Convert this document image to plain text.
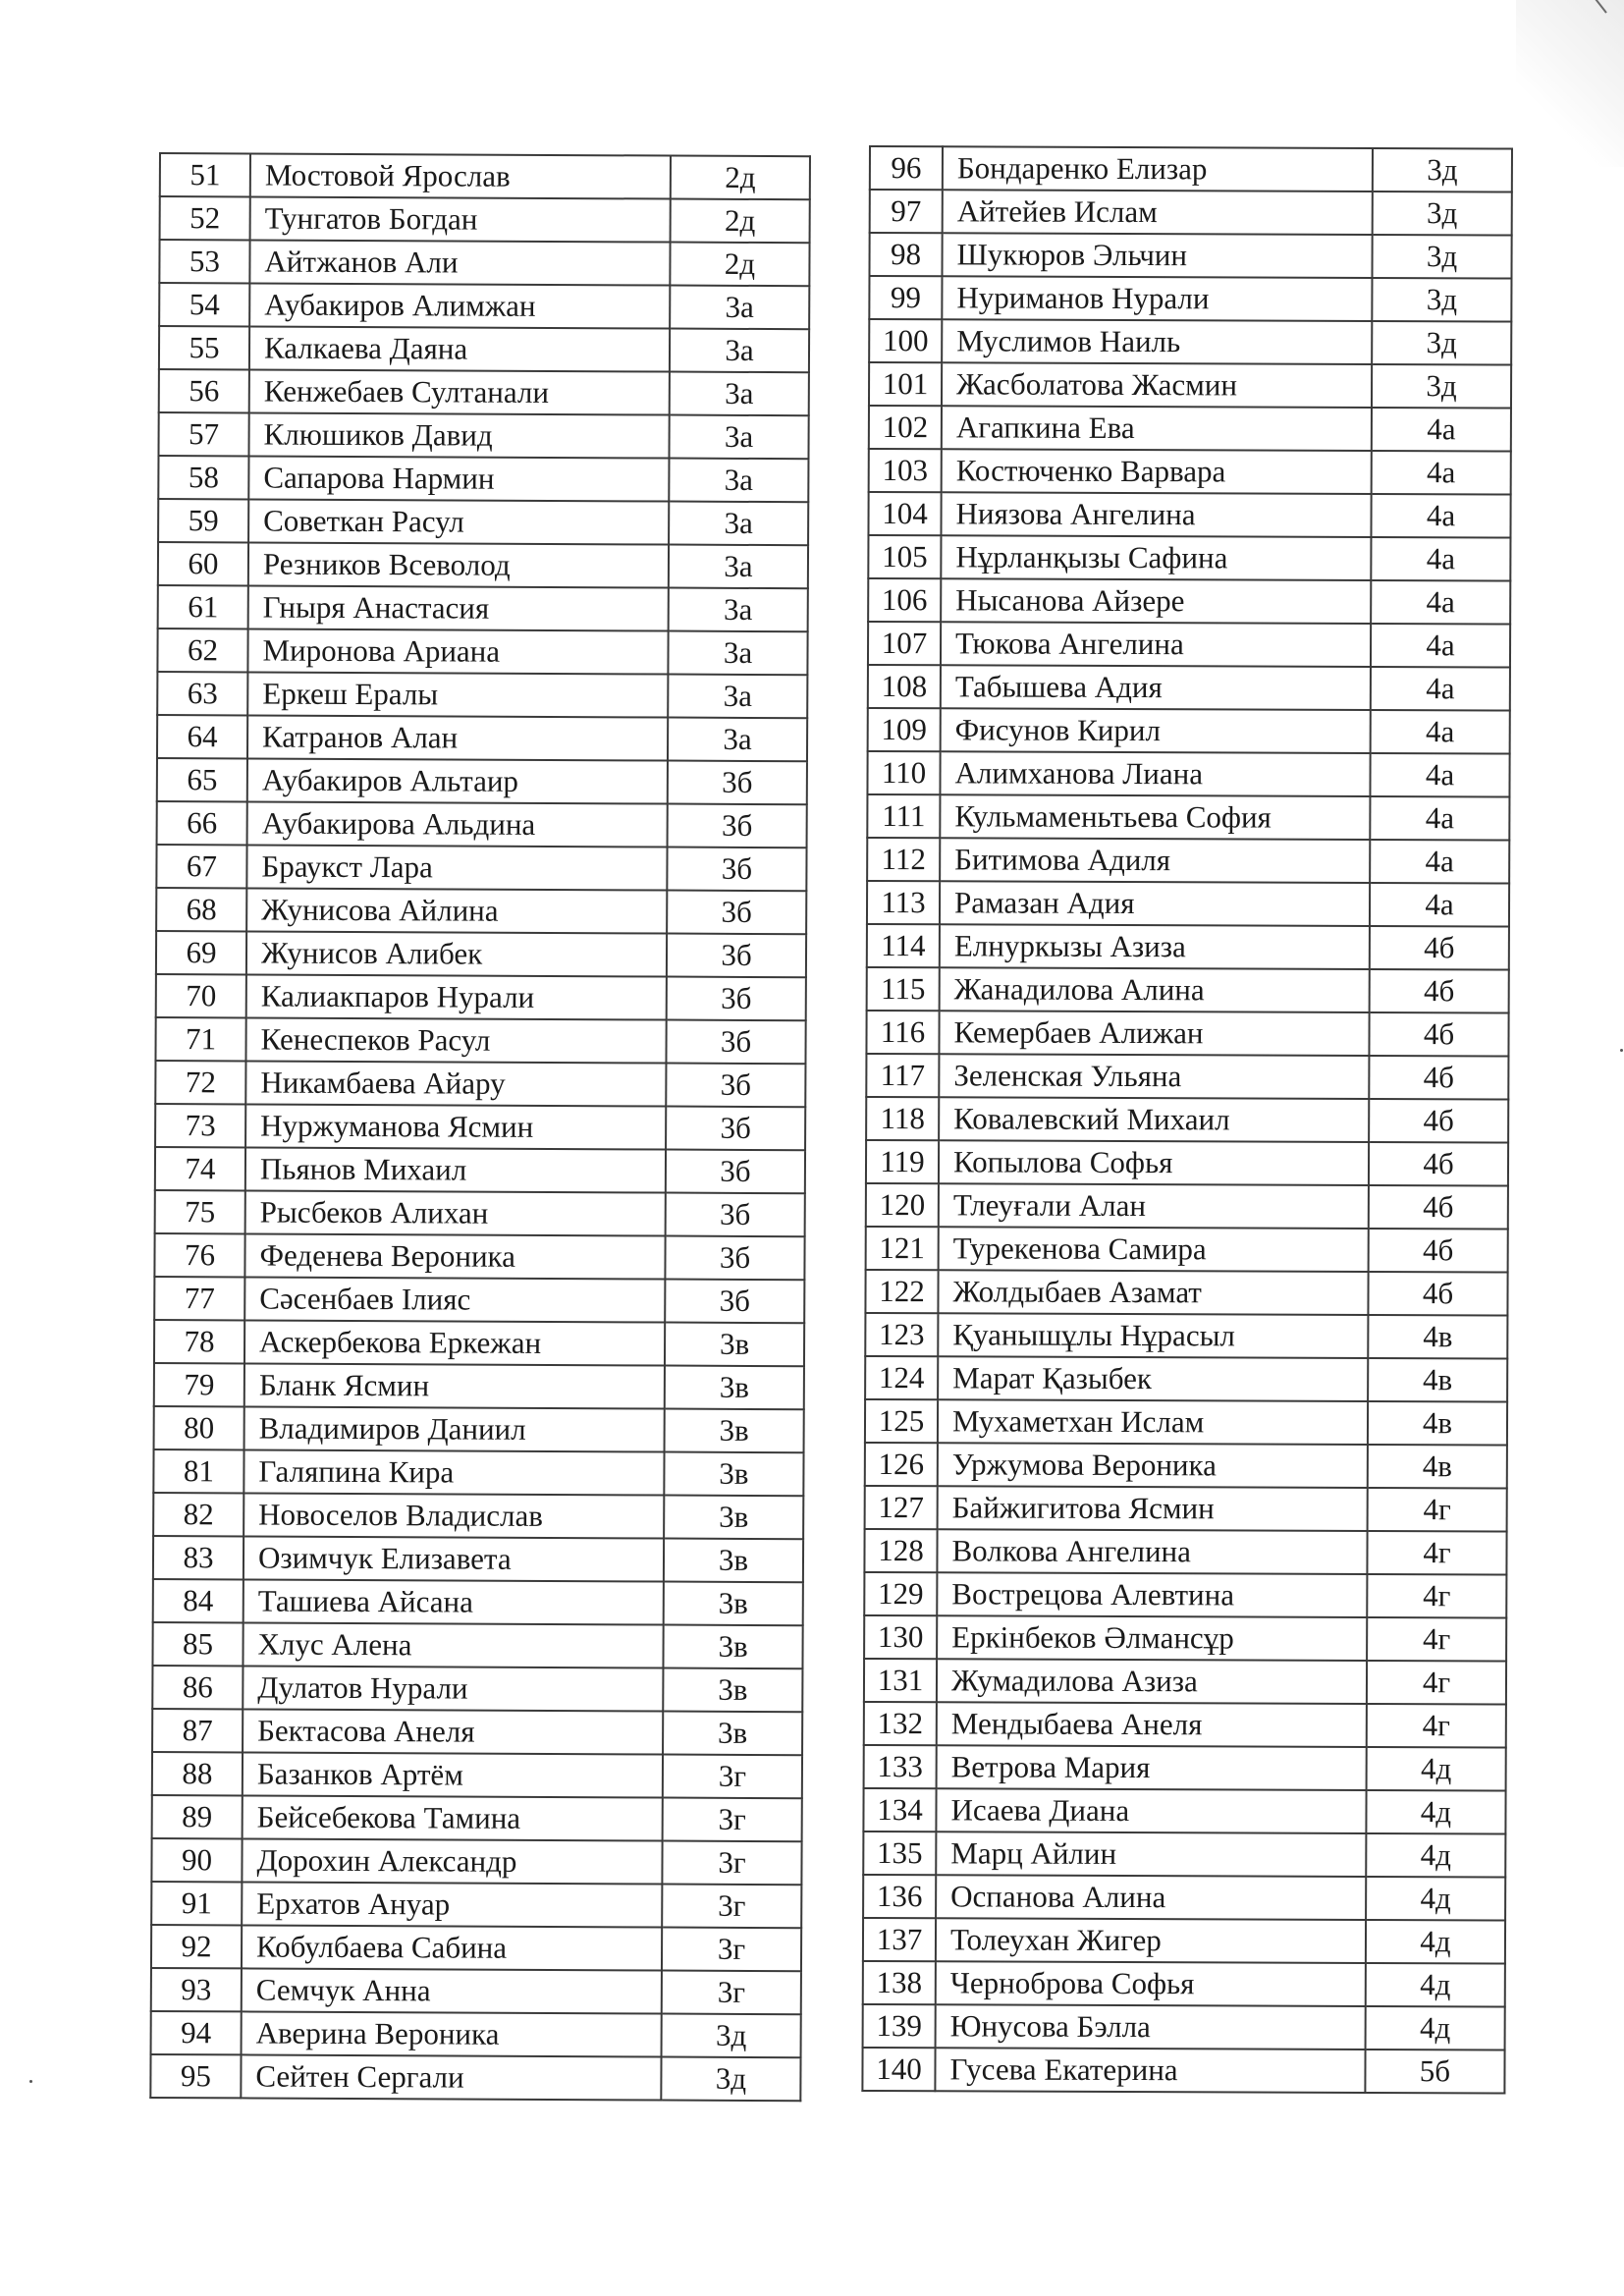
51	Мостовой Ярослав	2д
52	Тунгатов Богдан	2д
53	Айтжанов Али	2д
54	Аубакиров Алимжан	3а
55	Калкаева Даяна	3а
56	Кенжебаев Султанали	3а
57	Клюшиков Давид	3а
58	Сапарова Нармин	3а
59	Советкан Расул	3а
60	Резников Всеволод	3а
61	Гныря Анастасия	3а
62	Миронова Ариана	3а
63	Еркеш Ералы	3а
64	Катранов Алан	3а
65	Аубакиров Альтаир	3б
66	Аубакирова Альдина	3б
67	Браукст Лара	3б
68	Жунисова Айлина	3б
69	Жунисов Алибек	3б
70	Калиакпаров Нурали	3б
71	Кенеспеков Расул	3б
72	Никамбаева Айару	3б
73	Нуржуманова Ясмин	3б
74	Пьянов Михаил	3б
75	Рысбеков Алихан	3б
76	Феденева Вероника	3б
77	Сәсенбаев Ілияс	3б
78	Аскербекова Еркежан	3в
79	Бланк Ясмин	3в
80	Владимиров Даниил	3в
81	Галяпина Кира	3в
82	Новоселов Владислав	3в
83	Озимчук Елизавета	3в
84	Ташиева Айсана	3в
85	Хлус Алена	3в
86	Дулатов Нурали	3в
87	Бектасова Анеля	3в
88	Базанков Артём	3г
89	Бейсебекова Тамина	3г
90	Дорохин Александр	3г
91	Ерхатов Ануар	3г
92	Кобулбаева Сабина	3г
93	Семчук Анна	3г
94	Аверина Вероника	3д
95	Сейтен Сергали	3д
96	Бондаренко Елизар	3д
97	Айтейев Ислам	3д
98	Шукюров Эльчин	3д
99	Нуриманов Нурали	3д
100	Муслимов Наиль	3д
101	Жасболатова Жасмин	3д
102	Агапкина Ева	4а
103	Костюченко Варвара	4а
104	Ниязова Ангелина	4а
105	Нұрланқызы Сафина	4а
106	Нысанова Айзере	4а
107	Тюкова Ангелина	4а
108	Табышева Адия	4а
109	Фисунов Кирил	4а
110	Алимханова Лиана	4а
111	Кульмаменьтьева София	4а
112	Битимова Адиля	4а
113	Рамазан Адия	4а
114	Елнуркызы Азиза	4б
115	Жанадилова Алина	4б
116	Кемербаев Алижан	4б
117	Зеленская Ульяна	4б
118	Ковалевский Михаил	4б
119	Копылова Софья	4б
120	Тлеуғали Алан	4б
121	Турекенова Самира	4б
122	Жолдыбаев Азамат	4б
123	Қуанышұлы Нұрасыл	4в
124	Марат Қазыбек	4в
125	Мухаметхан Ислам	4в
126	Уржумова Вероника	4в
127	Байжигитова Ясмин	4г
128	Волкова Ангелина	4г
129	Вострецова Алевтина	4г
130	Еркінбеков Әлмансұр	4г
131	Жумадилова Азиза	4г
132	Мендыбаева Анеля	4г
133	Ветрова Мария	4д
134	Исаева Диана	4д
135	Марц Айлин	4д
136	Оспанова Алина	4д
137	Толеухан Жигер	4д
138	Чернoброва Софья	4д
139	Юнусова Бэлла	4д
140	Гусева Екатерина	5б
